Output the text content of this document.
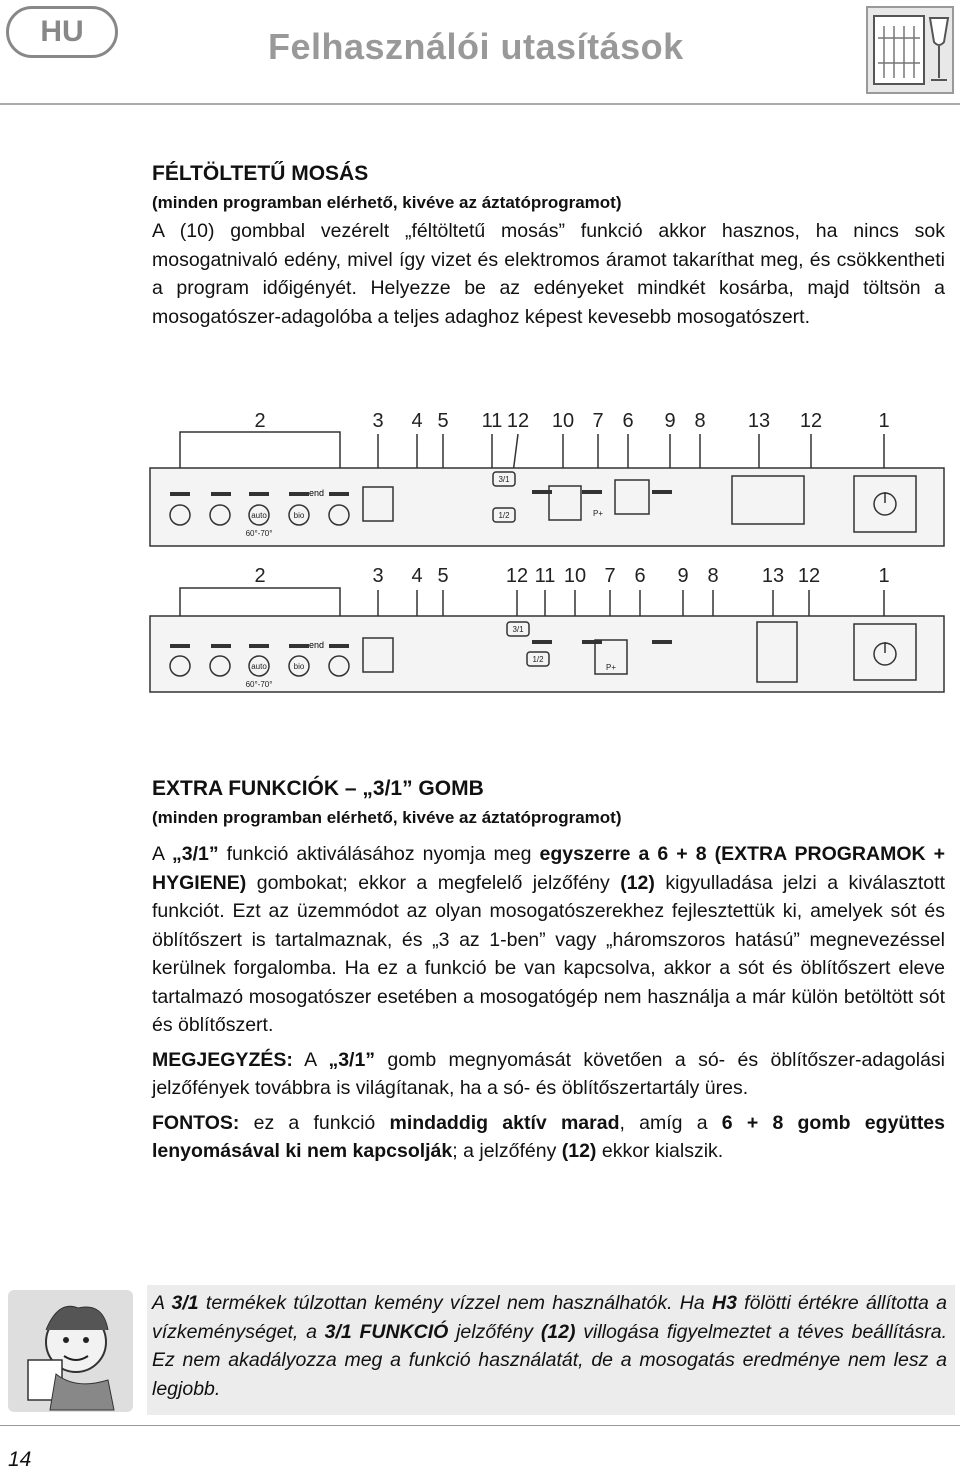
HU	Felhasználói utasítások
FÉLTÖLTETŰ MOSÁS
(minden programban elérhető, kivéve az áztatóprogramot)
A (10) gombbal vezérelt „féltöltetű mosás” funkció akkor hasznos, ha nincs sok mosogatnivaló edény, mivel így vizet és elektromos áramot takaríthat meg, és csökkentheti a program időigényét. Helyezze be az edényeket mindkét kosárba, majd töltsön a mosogatószer-adagolóba a teljes adaghoz képest kevesebb mosogatószert.
2	3 4 5 11 12 10 7 6 9 8 13 12	1
end
auto	bio
60°-70°
3/1
1/2	P+
2	3 4 5	12 11 10 7 6 9 8 13 12	1
end
auto	bio
60°-70°
3/1
1/2
P+
EXTRA FUNKCIÓK – „3/1” GOMB
(minden programban elérhető, kivéve az áztatóprogramot)
A „3/1” funkció aktiválásához nyomja meg egyszerre a 6 + 8 (EXTRA PROGRAMOK + HYGIENE) gombokat; ekkor a megfelelő jelzőfény (12) kigyulladása jelzi a kiválasztott funkciót. Ezt az üzemmódot az olyan mosogatószerekhez fejlesztettük ki, amelyek sót és öblítőszert is tartalmaznak, és „3 az 1-ben” vagy „háromszoros hatású” megnevezéssel kerülnek forgalomba. Ha ez a funkció be van kapcsolva, akkor a sót és öblítőszert eleve tartalmazó mosogatószer esetében a mosogatógép nem használja a már külön betöltött sót és öblítőszert.
MEGJEGYZÉS: A „3/1” gomb megnyomását követően a só- és öblítőszer-adagolási jelzőfények továbbra is világítanak, ha a só- és öblítőszertartály üres.
FONTOS: ez a funkció mindaddig aktív marad, amíg a 6 + 8 gomb együttes lenyomásával ki nem kapcsolják; a jelzőfény (12) ekkor kialszik.
A 3/1 termékek túlzottan kemény vízzel nem használhatók. Ha H3 fölötti értékre állította a vízkeménységet, a 3/1 FUNKCIÓ jelzőfény (12) villogása figyelmeztet a téves beállításra. Ez nem akadályozza meg a funkció használatát, de a mosogatás eredménye nem lesz a legjobb.
14
